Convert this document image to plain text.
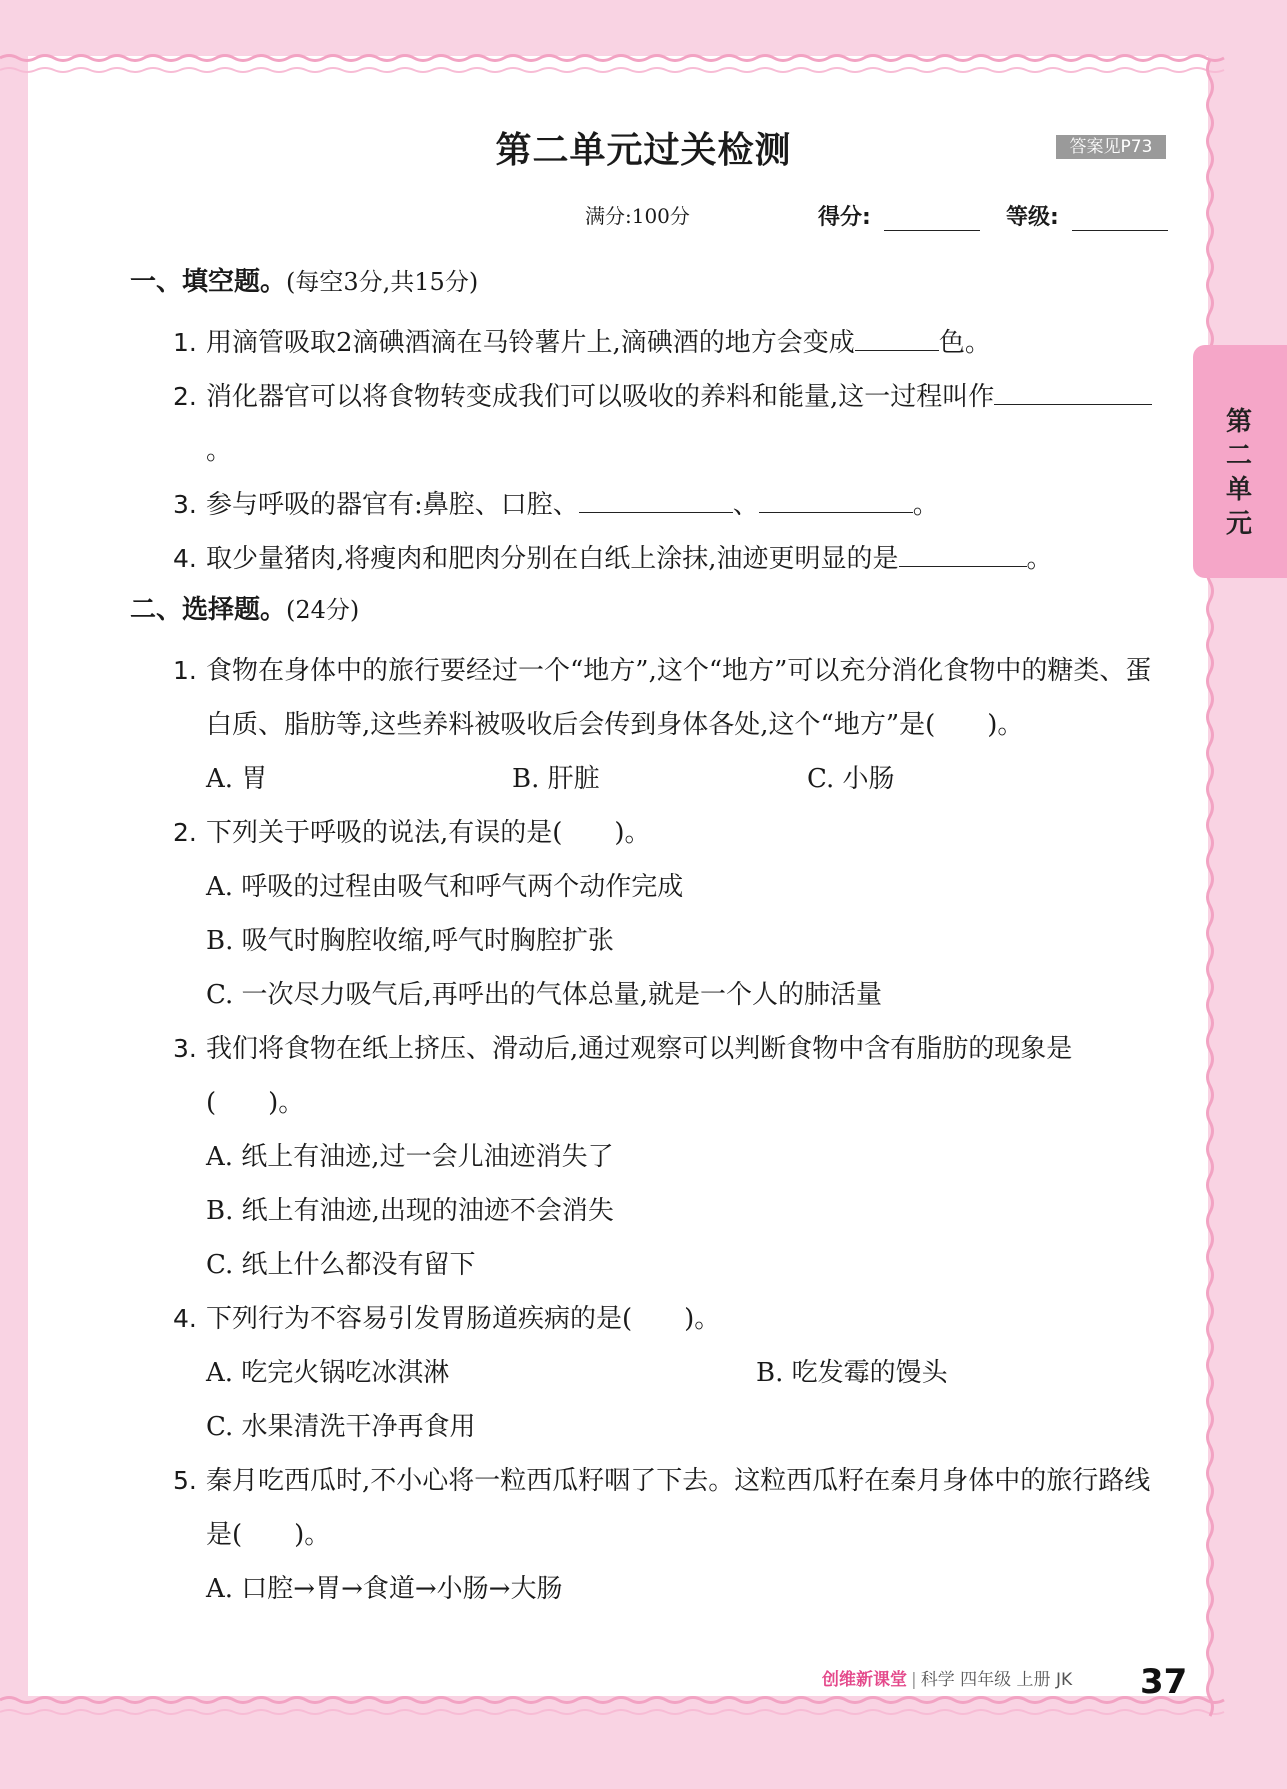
第二单元过关检测	答案见P73
满分:100分	得分:	等级:
一、填空题。(每空3分,共15分)
1. 用滴管吸取2滴碘酒滴在马铃薯片上,滴碘酒的地方会变成	色。
2. 消化器官可以将食物转变成我们可以吸收的养料和能量,这一过程叫作。
3. 参与呼吸的器官有:鼻腔、口腔、	、	。
4. 取少量猪肉,将瘦肉和肥肉分别在白纸上涂抹,油迹更明显的是	。
二、选择题。(24分)
1. 食物在身体中的旅行要经过一个“地方”,这个“地方”可以充分消化食物中的糖类、蛋白质、脂肪等,这些养料被吸收后会传到身体各处,这个“地方”是(　　)。
A. 胃	B. 肝脏	C. 小肠
2. 下列关于呼吸的说法,有误的是(　　)。
A. 呼吸的过程由吸气和呼气两个动作完成
B. 吸气时胸腔收缩,呼气时胸腔扩张
C. 一次尽力吸气后,再呼出的气体总量,就是一个人的肺活量
3. 我们将食物在纸上挤压、滑动后,通过观察可以判断食物中含有脂肪的现象是(　　)。
A. 纸上有油迹,过一会儿油迹消失了
B. 纸上有油迹,出现的油迹不会消失
C. 纸上什么都没有留下
4. 下列行为不容易引发胃肠道疾病的是(　　)。
A. 吃完火锅吃冰淇淋	B. 吃发霉的馒头
C. 水果清洗干净再食用
5. 秦月吃西瓜时,不小心将一粒西瓜籽咽了下去。这粒西瓜籽在秦月身体中的旅行路线是(　　)。
A. 口腔→胃→食道→小肠→大肠
第二单元
创维新课堂 | 科学 四年级 上册 JK 37
